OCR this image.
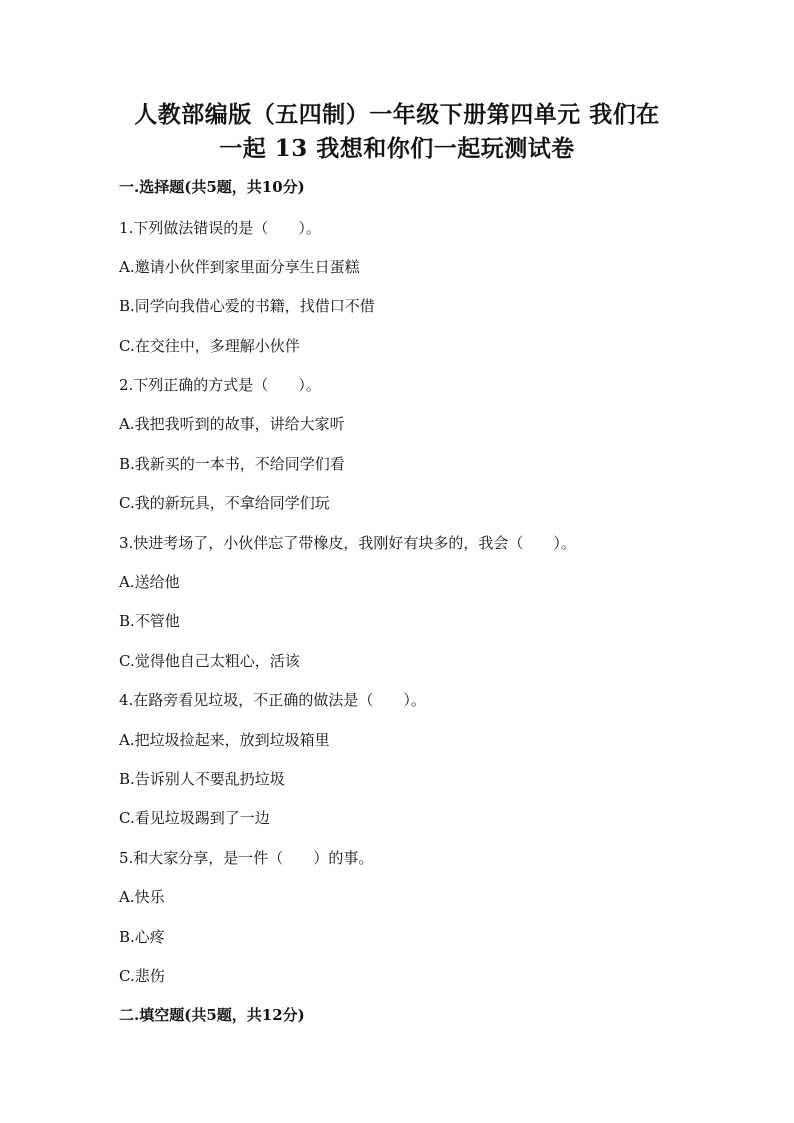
人教部编版（五四制）一年级下册第四单元 我们在
一起 13 我想和你们一起玩测试卷
一.选择题(共5题，共10分)
1.下列做法错误的是（　　）。
A.邀请小伙伴到家里面分享生日蛋糕
B.同学向我借心爱的书籍，找借口不借
C.在交往中，多理解小伙伴
2.下列正确的方式是（　　）。
A.我把我听到的故事，讲给大家听
B.我新买的一本书，不给同学们看
C.我的新玩具，不拿给同学们玩
3.快进考场了，小伙伴忘了带橡皮，我刚好有块多的，我会（　　）。
A.送给他
B.不管他
C.觉得他自己太粗心，活该
4.在路旁看见垃圾，不正确的做法是（　　）。
A.把垃圾捡起来，放到垃圾箱里
B.告诉别人不要乱扔垃圾
C.看见垃圾踢到了一边
5.和大家分享，是一件（　　）的事。
A.快乐
B.心疼
C.悲伤
二.填空题(共5题，共12分)
